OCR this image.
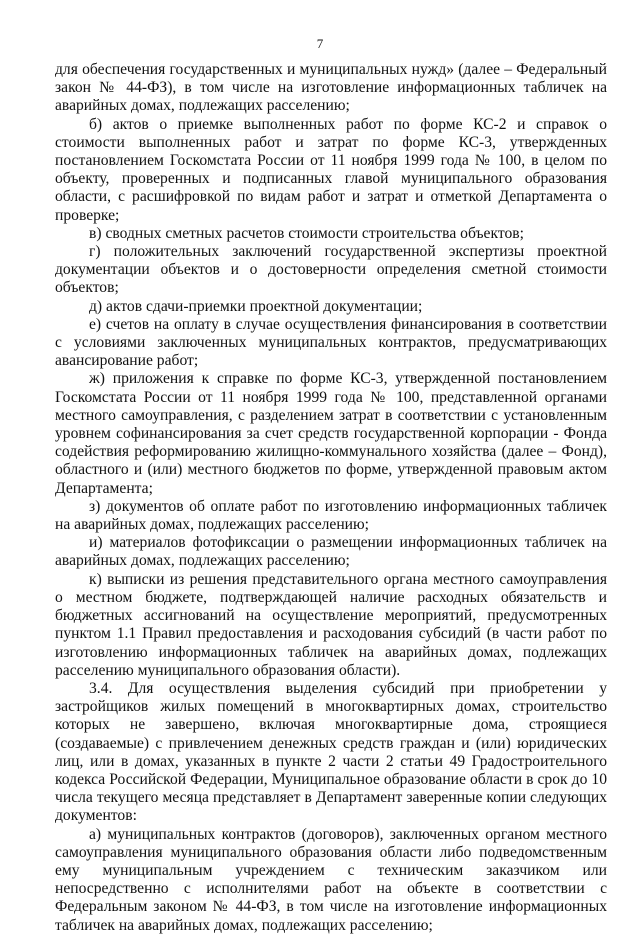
7

для обеспечения государственных и муниципальных нужд» (далее – Федеральный закон № 44-ФЗ), в том числе на изготовление информационных табличек на аварийных домах, подлежащих расселению;

б) актов о приемке выполненных работ по форме КС-2 и справок о стоимости выполненных работ и затрат по форме КС-3, утвержденных постановлением Госкомстата России от 11 ноября 1999 года № 100, в целом по объекту, проверенных и подписанных главой муниципального образования области, с расшифровкой по видам работ и затрат и отметкой Департамента о проверке;

в) сводных сметных расчетов стоимости строительства объектов;

г) положительных заключений государственной экспертизы проектной документации объектов и о достоверности определения сметной стоимости объектов;

д) актов сдачи-приемки проектной документации;

е) счетов на оплату в случае осуществления финансирования в соответствии с условиями заключенных муниципальных контрактов, предусматривающих авансирование работ;

ж) приложения к справке по форме КС-3, утвержденной постановлением Госкомстата России от 11 ноября 1999 года № 100, представленной органами местного самоуправления, с разделением затрат в соответствии с установленным уровнем софинансирования за счет средств государственной корпорации - Фонда содействия реформированию жилищно-коммунального хозяйства (далее – Фонд), областного и (или) местного бюджетов по форме, утвержденной правовым актом Департамента;

з) документов об оплате работ по изготовлению информационных табличек на аварийных домах, подлежащих расселению;

и) материалов фотофиксации о размещении информационных табличек на аварийных домах, подлежащих расселению;

к) выписки из решения представительного органа местного самоуправления о местном бюджете, подтверждающей наличие расходных обязательств и бюджетных ассигнований на осуществление мероприятий, предусмотренных пунктом 1.1 Правил предоставления и расходования субсидий (в части работ по изготовлению информационных табличек на аварийных домах, подлежащих расселению муниципального образования области).

3.4. Для осуществления выделения субсидий при приобретении у застройщиков жилых помещений в многоквартирных домах, строительство которых не завершено, включая многоквартирные дома, строящиеся (создаваемые) с привлечением денежных средств граждан и (или) юридических лиц, или в домах, указанных в пункте 2 части 2 статьи 49 Градостроительного кодекса Российской Федерации, Муниципальное образование области в срок до 10 числа текущего месяца представляет в Департамент заверенные копии следующих документов:

а) муниципальных контрактов (договоров), заключенных органом местного самоуправления муниципального образования области либо подведомственным ему муниципальным учреждением с техническим заказчиком или непосредственно с исполнителями работ на объекте в соответствии с Федеральным законом № 44-ФЗ, в том числе на изготовление информационных табличек на аварийных домах, подлежащих расселению;
